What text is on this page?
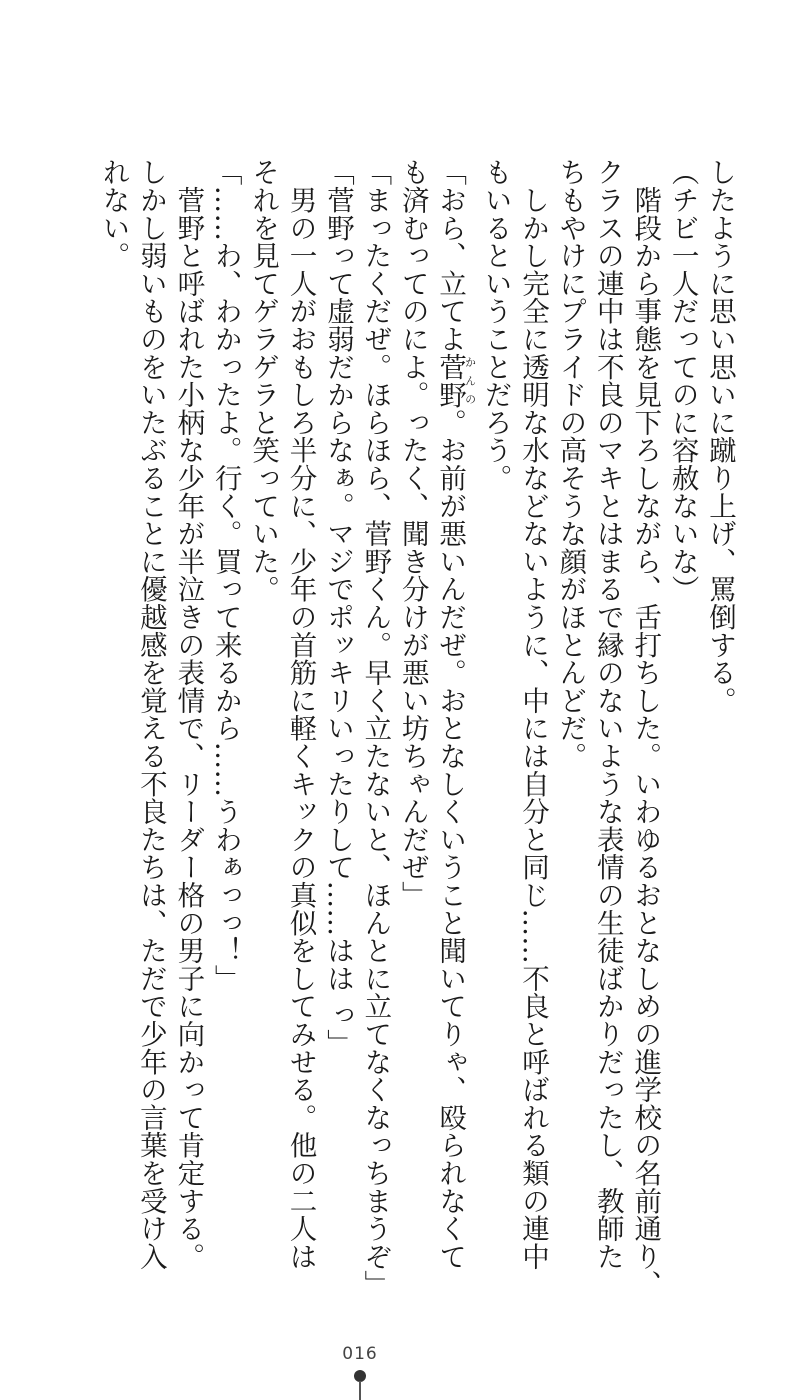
したように思い思いに蹴り上げ、罵倒する。
（チビ一人だってのに容赦ないな）
　階段から事態を見下ろしながら、舌打ちした。いわゆるおとなしめの進学校の名前通り、
クラスの連中は不良のマキとはまるで縁のないような表情の生徒ばかりだったし、教師た
ちもやけにプライドの高そうな顔がほとんどだ。
　しかし完全に透明な水などないように、中には自分と同じ……不良と呼ばれる類の連中
もいるということだろう。
「おら、立てよ菅野かんの。お前が悪いんだぜ。おとなしくいうこと聞いてりゃ、殴られなくて
も済むってのによ。ったく、聞き分けが悪い坊ちゃんだぜ」
「まったくだぜ。ほらほら、菅野くん。早く立たないと、ほんとに立てなくなっちまうぞ」
「菅野って虚弱だからなぁ。マジでポッキリいったりして……はは っ」
　男の一人がおもしろ半分に、少年の首筋に軽くキックの真似をしてみせる。他の二人は
それを見てゲラゲラと笑っていた。
「……わ、わかったよ。行く。買って来るから……うわぁっっ！」
　菅野と呼ばれた小柄な少年が半泣きの表情で、リーダー格の男子に向かって肯定する。
しかし弱いものをいたぶることに優越感を覚える不良たちは、ただで少年の言葉を受け入
れない。
016
